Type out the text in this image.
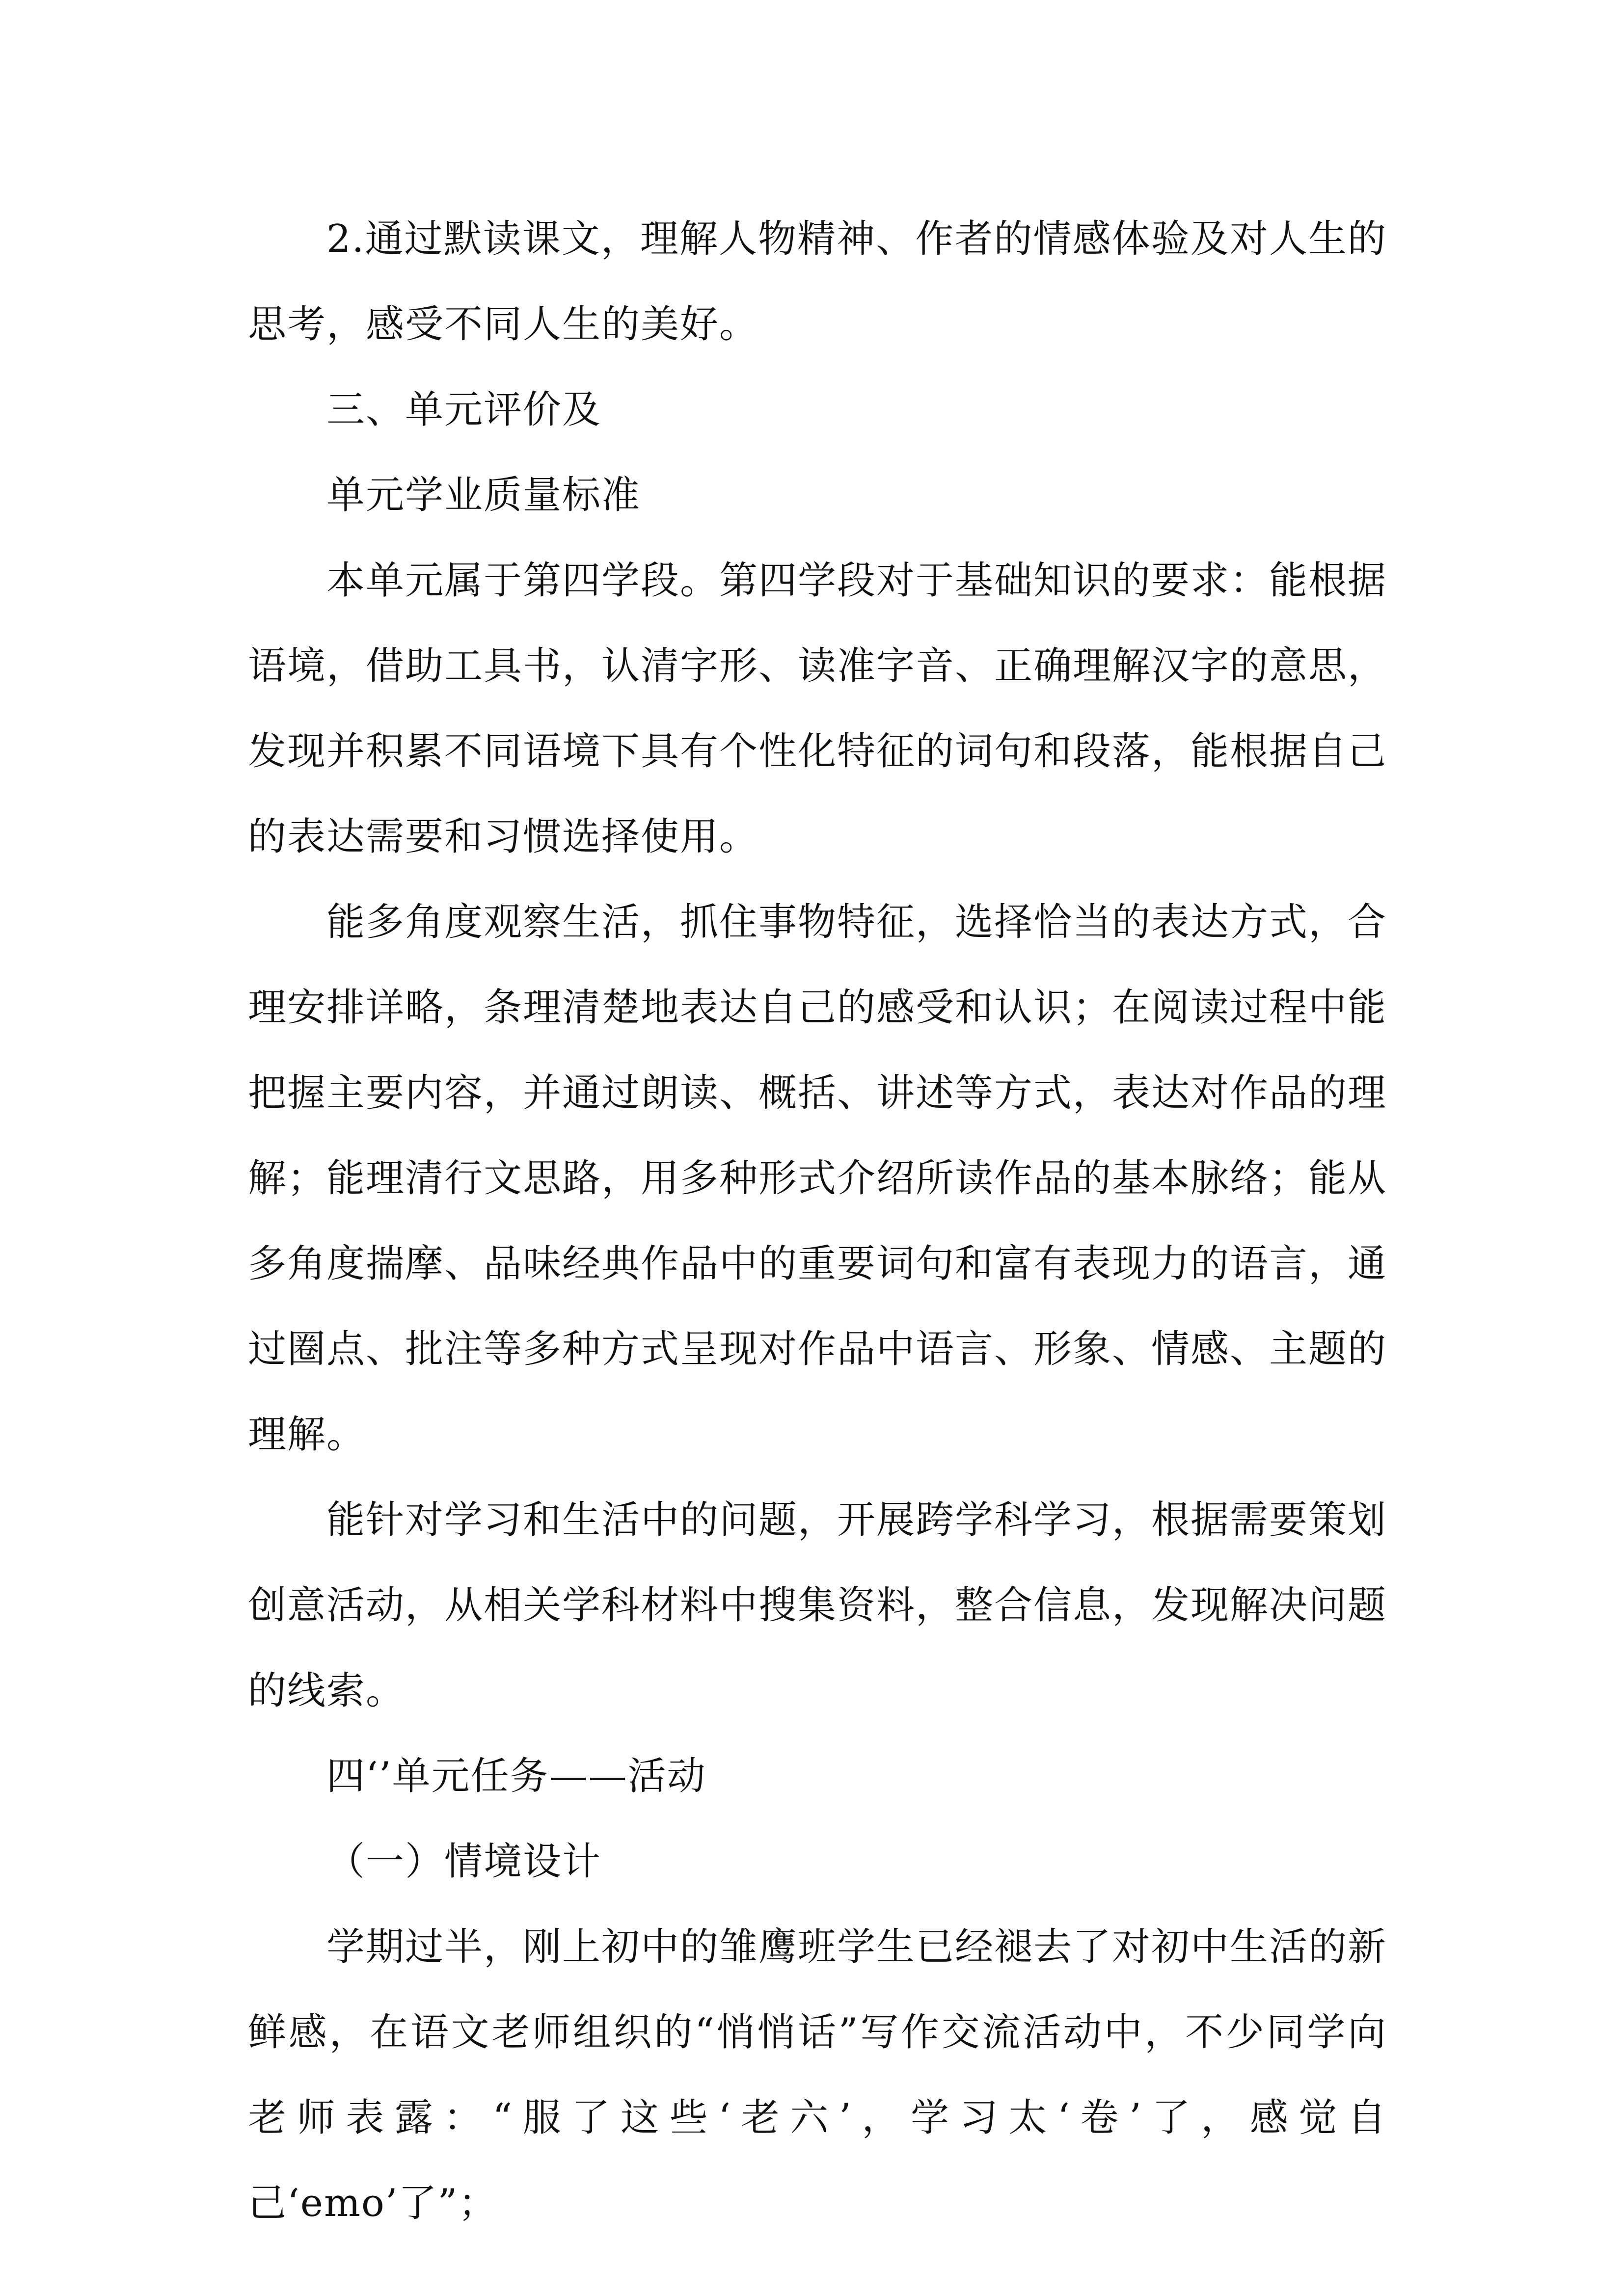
2.通过默读课文，理解人物精神、作者的情感体验及对人生的思考，感受不同人生的美好。

三、单元评价及

单元学业质量标准

本单元属于第四学段。第四学段对于基础知识的要求：能根据语境，借助工具书，认清字形、读准字音、正确理解汉字的意思，发现并积累不同语境下具有个性化特征的词句和段落，能根据自己的表达需要和习惯选择使用。

能多角度观察生活，抓住事物特征，选择恰当的表达方式，合理安排详略，条理清楚地表达自己的感受和认识；在阅读过程中能把握主要内容，并通过朗读、概括、讲述等方式，表达对作品的理解；能理清行文思路，用多种形式介绍所读作品的基本脉络；能从多角度揣摩、品味经典作品中的重要词句和富有表现力的语言，通过圈点、批注等多种方式呈现对作品中语言、形象、情感、主题的理解。

能针对学习和生活中的问题，开展跨学科学习，根据需要策划创意活动，从相关学科材料中搜集资料，整合信息，发现解决问题的线索。

四‘’单元任务——活动

（一）情境设计

学期过半，刚上初中的雏鹰班学生已经褪去了对初中生活的新鲜感，在语文老师组织的“悄悄话”写作交流活动中，不少同学向老师表露：“服了这些‘老六’，学习太‘卷’了，感觉自己‘emo’了”；
